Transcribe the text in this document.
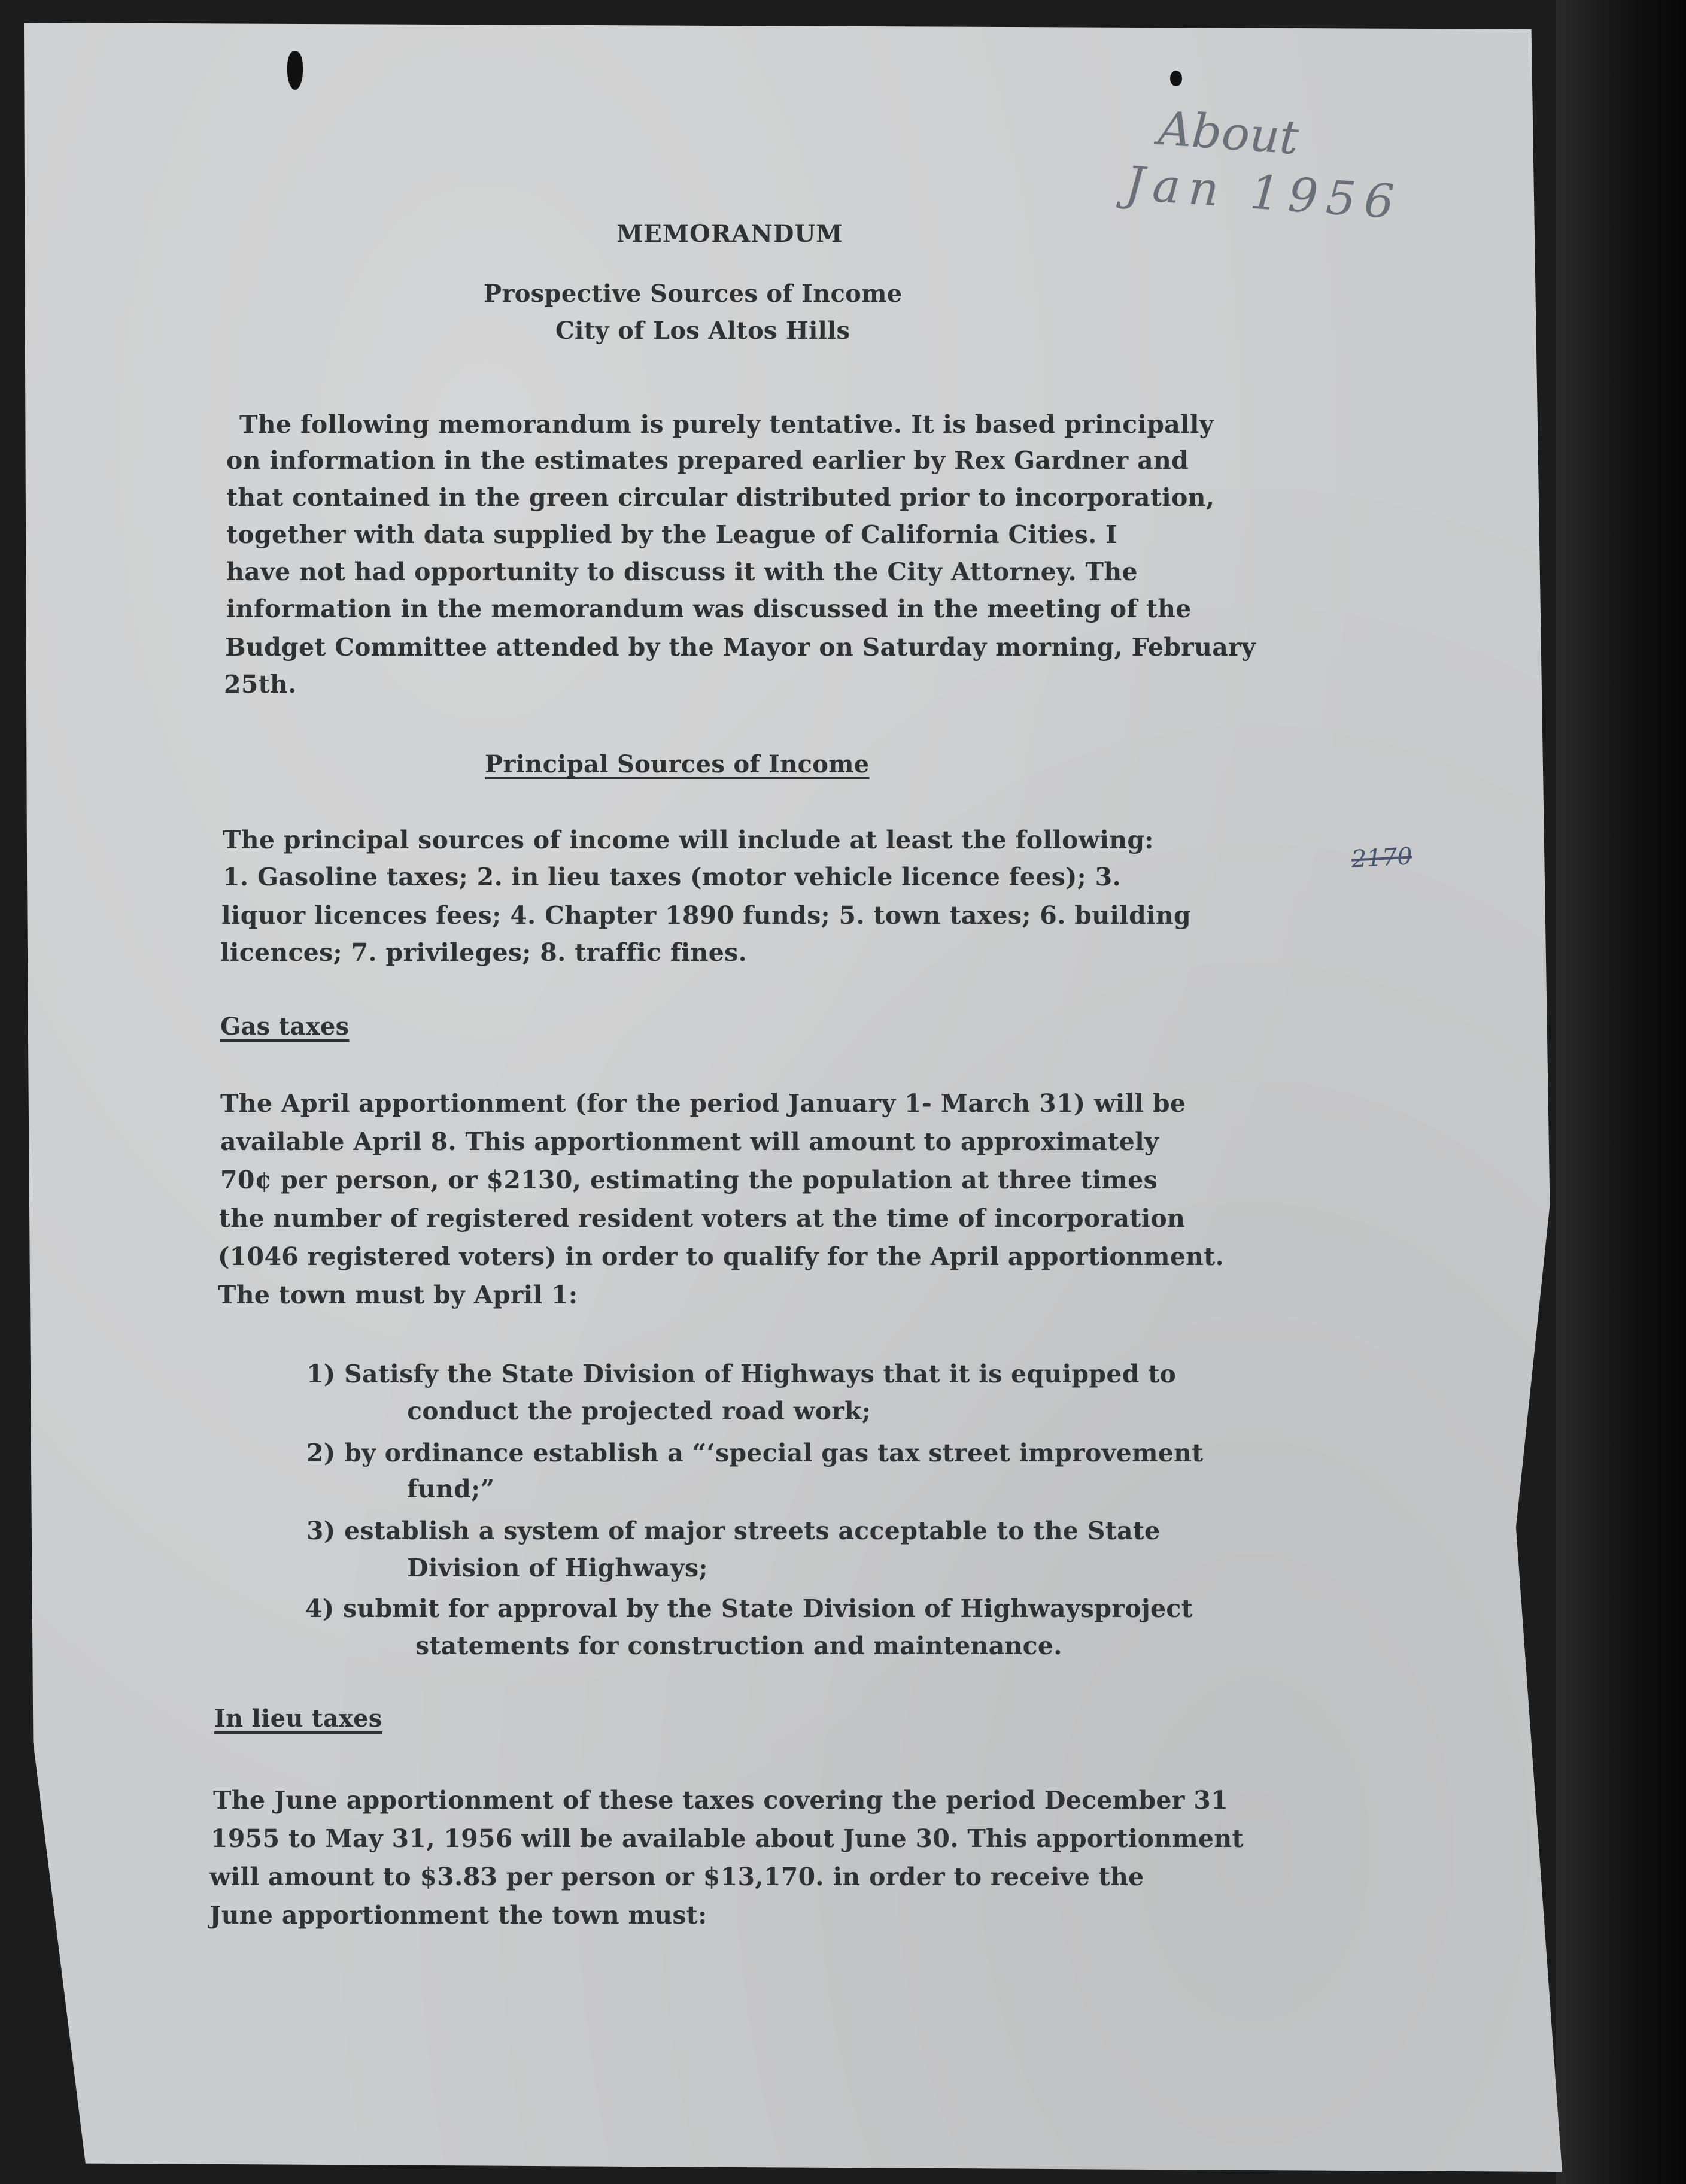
About
Jan 1956
MEMORANDUM
Prospective Sources of Income
City of Los Altos Hills
The following memorandum is purely tentative. It is based principally
on information in the estimates prepared earlier by Rex Gardner and
that contained in the green circular distributed prior to incorporation,
together with data supplied by the League of California Cities. I
have not had opportunity to discuss it with the City Attorney. The
information in the memorandum was discussed in the meeting of the
Budget Committee attended by the Mayor on Saturday morning, February
25th.
Principal Sources of Income
The principal sources of income will include at least the following:
1. Gasoline taxes; 2. in lieu taxes (motor vehicle licence fees); 3.
liquor licences fees; 4. Chapter 1890 funds; 5. town taxes; 6. building
licences; 7. privileges; 8. traffic fines.
2170
Gas taxes
The April apportionment (for the period January 1- March 31) will be
available April 8. This apportionment will amount to approximately
70¢ per person, or $2130, estimating the population at three times
the number of registered resident voters at the time of incorporation
(1046 registered voters) in order to qualify for the April apportionment.
The town must by April 1:
1) Satisfy the State Division of Highways that it is equipped to
conduct the projected road work;
2) by ordinance establish a “‘special gas tax street improvement
fund;”
3) establish a system of major streets acceptable to the State
Division of Highways;
4) submit for approval by the State Division of Highwaysproject
statements for construction and maintenance.
In lieu taxes
The June apportionment of these taxes covering the period December 31
1955 to May 31, 1956 will be available about June 30. This apportionment
will amount to $3.83 per person or $13,170. in order to receive the
June apportionment the town must:
